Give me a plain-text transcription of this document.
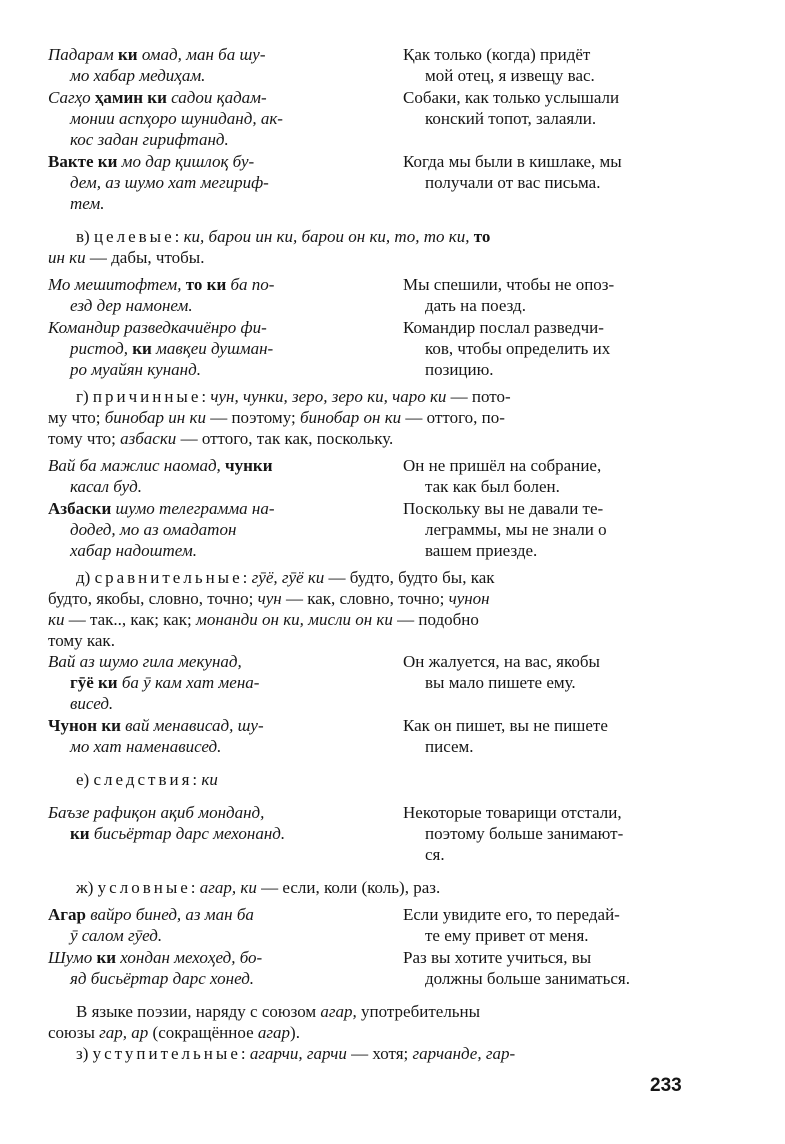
Падарам ки омад, ман ба шу-
мо хабар медиҳам.
Қак только (когда) придёт
мой отец, я извещу вас.
Сагҳо ҳамин ки садои қадам-
монии аспҳоро шуниданд, ак-
кос задан гирифтанд.
Собаки, как только услышали
конский топот, залаяли.
Вакте ки мо дар қишлоқ бу-
дем, аз шумо хат мегириф-
тем.
Когда мы были в кишлаке, мы
получали от вас письма.
в) целевые: ки, барои ин ки, барои он ки, то, то ки, то
ин ки — дабы, чтобы.
Мо мешитофтем, то ки ба по-
езд дер намонем.
Мы спешили, чтобы не опоз-
дать на поезд.
Командир разведкачиёнро фи-
ристод, ки мавқеи душман-
ро муайян кунанд.
Командир послал разведчи-
ков, чтобы определить их
позицию.
г) причинные: чун, чунки, зеро, зеро ки, чаро ки — пото-
му что; бинобар ин ки — поэтому; бинобар он ки — оттого, по-
тому что; азбаски — оттого, так как, поскольку.
Вай ба мажлис наомад, чунки
касал буд.
Он не пришёл на собрание,
так как был болен.
Азбаски шумо телеграмма на-
додед, мо аз омадатон
хабар надоштем.
Поскольку вы не давали те-
леграммы, мы не знали о
вашем приезде.
д) сравнительные: гӯё, гӯё ки — будто, будто бы, как
будто, якобы, словно, точно; чун — как, словно, точно; чунон
ки — так.., как; как; монанди он ки, мисли он ки — подобно
тому как.
Вай аз шумо гила мекунад,
гӯё ки ба ӯ кам хат мена-
висед.
Он жалуется, на вас, якобы
вы мало пишете ему.
Чунон ки вай менависад, шу-
мо хат наменависед.
Как он пишет, вы не пишете
писем.
е) следствия: ки
Баъзе рафиқон ақиб монданд,
ки бисьёртар дарс мехонанд.
Некоторые товарищи отстали,
поэтому больше занимают-
ся.
ж) условные: агар, ки — если, коли (коль), раз.
Агар вайро бинед, аз ман ба
ӯ салом гӯед.
Если увидите его, то передай-
те ему привет от меня.
Шумо ки хондан мехоҳед, бо-
яд бисьёртар дарс хонед.
Раз вы хотите учиться, вы
должны больше заниматься.
В языке поэзии, наряду с союзом агар, употребительны
союзы гар, ар (сокращённое агар).
з) уступительные: агарчи, гарчи — хотя; гарчанде, гар-
233
